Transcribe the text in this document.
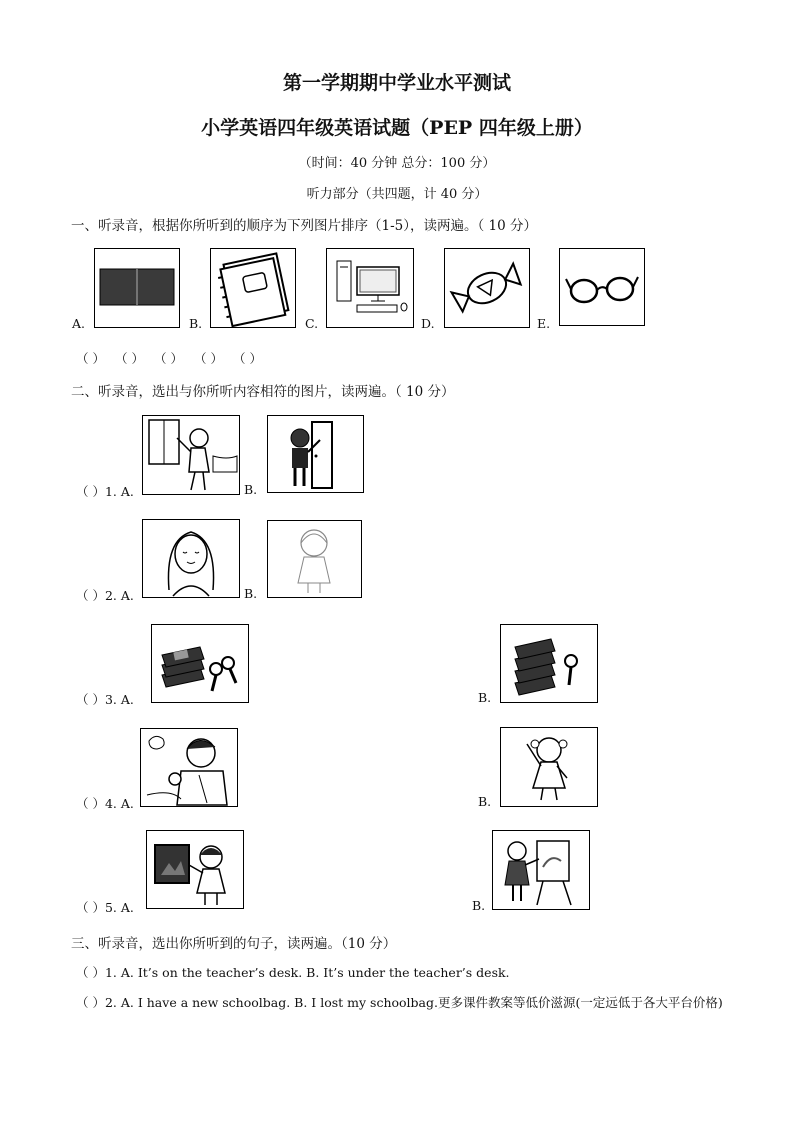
第一学期期中学业水平测试
小学英语四年级英语试题（PEP 四年级上册）
（时间：40 分钟 总分：100 分）
听力部分（共四题，计 40 分）
一、听录音，根据你所听到的顺序为下列图片排序（1-5），读两遍。（ 10 分）
A.	B.	C.	D.	E.
（ ） （ ） （ ） （ ） （ ）
二、听录音，选出与你所听内容相符的图片，读两遍。（ 10 分）
（ ）1. A.	B.
（ ）2. A.	B.
（ ）3. A.	B.
（ ）4. A.	B.
（ ）5. A.	B.
三、听录音，选出你所听到的句子，读两遍。（10 分）
（ ）1. A. It’s on the teacher’s desk. B. It’s under the teacher’s desk.
（ ）2. A. I have a new schoolbag. B. I lost my schoolbag.更多课件教案等低价滋源(一定远低于各大平台价格)
